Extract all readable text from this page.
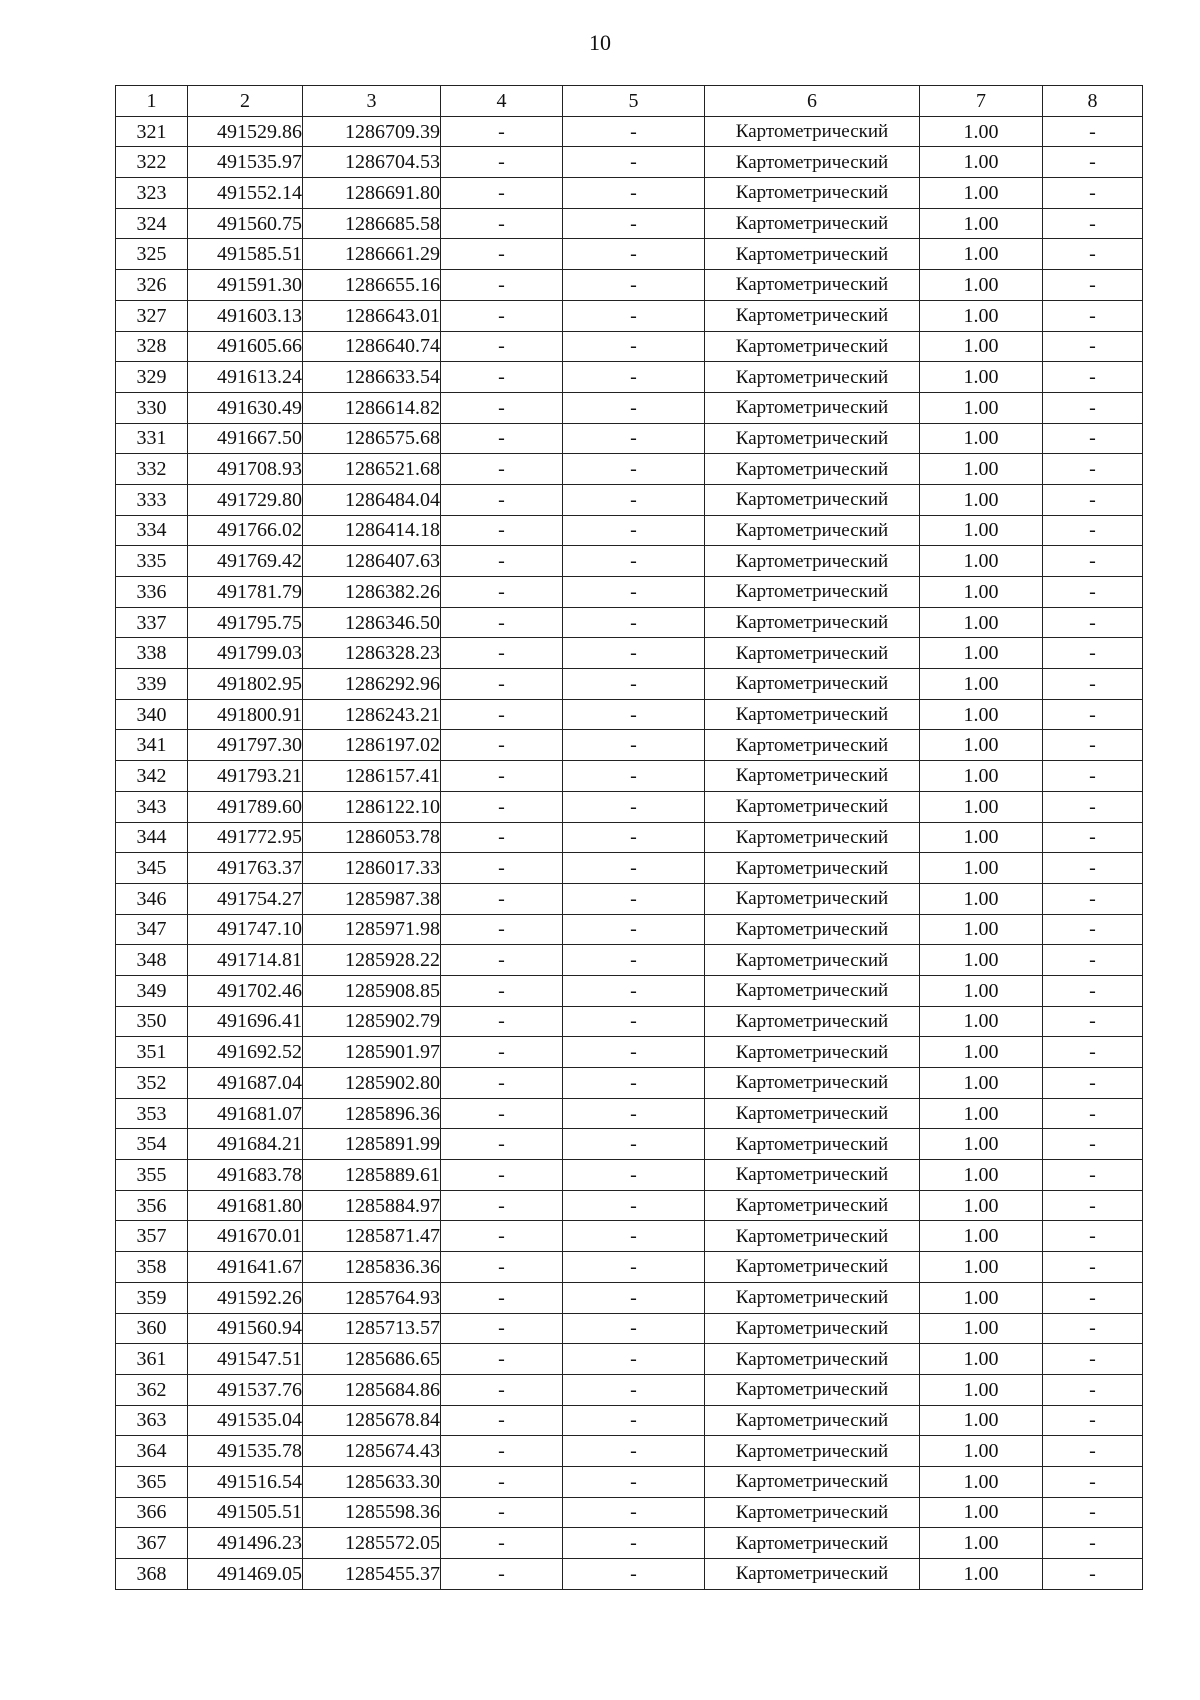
10
1	2	3	4	5	6	7	8
321	491529.86	1286709.39	-	-	Картометрический	1.00	-
322	491535.97	1286704.53	-	-	Картометрический	1.00	-
323	491552.14	1286691.80	-	-	Картометрический	1.00	-
324	491560.75	1286685.58	-	-	Картометрический	1.00	-
325	491585.51	1286661.29	-	-	Картометрический	1.00	-
326	491591.30	1286655.16	-	-	Картометрический	1.00	-
327	491603.13	1286643.01	-	-	Картометрический	1.00	-
328	491605.66	1286640.74	-	-	Картометрический	1.00	-
329	491613.24	1286633.54	-	-	Картометрический	1.00	-
330	491630.49	1286614.82	-	-	Картометрический	1.00	-
331	491667.50	1286575.68	-	-	Картометрический	1.00	-
332	491708.93	1286521.68	-	-	Картометрический	1.00	-
333	491729.80	1286484.04	-	-	Картометрический	1.00	-
334	491766.02	1286414.18	-	-	Картометрический	1.00	-
335	491769.42	1286407.63	-	-	Картометрический	1.00	-
336	491781.79	1286382.26	-	-	Картометрический	1.00	-
337	491795.75	1286346.50	-	-	Картометрический	1.00	-
338	491799.03	1286328.23	-	-	Картометрический	1.00	-
339	491802.95	1286292.96	-	-	Картометрический	1.00	-
340	491800.91	1286243.21	-	-	Картометрический	1.00	-
341	491797.30	1286197.02	-	-	Картометрический	1.00	-
342	491793.21	1286157.41	-	-	Картометрический	1.00	-
343	491789.60	1286122.10	-	-	Картометрический	1.00	-
344	491772.95	1286053.78	-	-	Картометрический	1.00	-
345	491763.37	1286017.33	-	-	Картометрический	1.00	-
346	491754.27	1285987.38	-	-	Картометрический	1.00	-
347	491747.10	1285971.98	-	-	Картометрический	1.00	-
348	491714.81	1285928.22	-	-	Картометрический	1.00	-
349	491702.46	1285908.85	-	-	Картометрический	1.00	-
350	491696.41	1285902.79	-	-	Картометрический	1.00	-
351	491692.52	1285901.97	-	-	Картометрический	1.00	-
352	491687.04	1285902.80	-	-	Картометрический	1.00	-
353	491681.07	1285896.36	-	-	Картометрический	1.00	-
354	491684.21	1285891.99	-	-	Картометрический	1.00	-
355	491683.78	1285889.61	-	-	Картометрический	1.00	-
356	491681.80	1285884.97	-	-	Картометрический	1.00	-
357	491670.01	1285871.47	-	-	Картометрический	1.00	-
358	491641.67	1285836.36	-	-	Картометрический	1.00	-
359	491592.26	1285764.93	-	-	Картометрический	1.00	-
360	491560.94	1285713.57	-	-	Картометрический	1.00	-
361	491547.51	1285686.65	-	-	Картометрический	1.00	-
362	491537.76	1285684.86	-	-	Картометрический	1.00	-
363	491535.04	1285678.84	-	-	Картометрический	1.00	-
364	491535.78	1285674.43	-	-	Картометрический	1.00	-
365	491516.54	1285633.30	-	-	Картометрический	1.00	-
366	491505.51	1285598.36	-	-	Картометрический	1.00	-
367	491496.23	1285572.05	-	-	Картометрический	1.00	-
368	491469.05	1285455.37	-	-	Картометрический	1.00	-
